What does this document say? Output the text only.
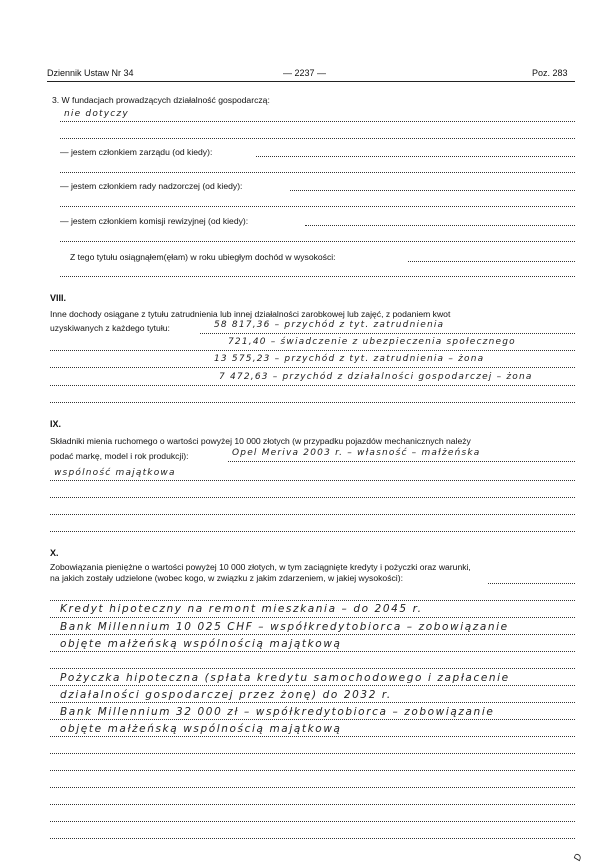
Dziennik Ustaw Nr 34	— 2237 —	Poz. 283
3. W fundacjach prowadzących działalność gospodarczą:
nie dotyczy
— jestem członkiem zarządu (od kiedy):
— jestem członkiem rady nadzorczej (od kiedy):
— jestem członkiem komisji rewizyjnej (od kiedy):
Z tego tytułu osiągnąłem(ęłam) w roku ubiegłym dochód w wysokości:
VIII.
Inne dochody osiągane z tytułu zatrudnienia lub innej działalności zarobkowej lub zajęć, z podaniem kwot
uzyskiwanych z każdego tytułu:	58 817,36 – przychód z tyt. zatrudnienia
721,40 – świadczenie z ubezpieczenia społecznego
13 575,23 – przychód z tyt. zatrudnienia – żona
7 472,63 – przychód z działalności gospodarczej – żona
IX.
Składniki mienia ruchomego o wartości powyżej 10 000 złotych (w przypadku pojazdów mechanicznych należy
podać markę, model i rok produkcji):	Opel Meriva 2003 r. – własność – małżeńska
wspólność majątkowa
X.
Zobowiązania pieniężne o wartości powyżej 10 000 złotych, w tym zaciągnięte kredyty i pożyczki oraz warunki,
na jakich zostały udzielone (wobec kogo, w związku z jakim zdarzeniem, w jakiej wysokości):
Kredyt hipoteczny na remont mieszkania – do 2045 r.
Bank Millennium 10 025 CHF – współkredytobiorca – zobowiązanie
objęte małżeńską wspólnością majątkową
Pożyczka hipoteczna (spłata kredytu samochodowego i zapłacenie
działalności gospodarczej przez żonę) do 2032 r.
Bank Millennium 32 000 zł – współkredytobiorca – zobowiązanie
objęte małżeńską wspólnością majątkową
D
